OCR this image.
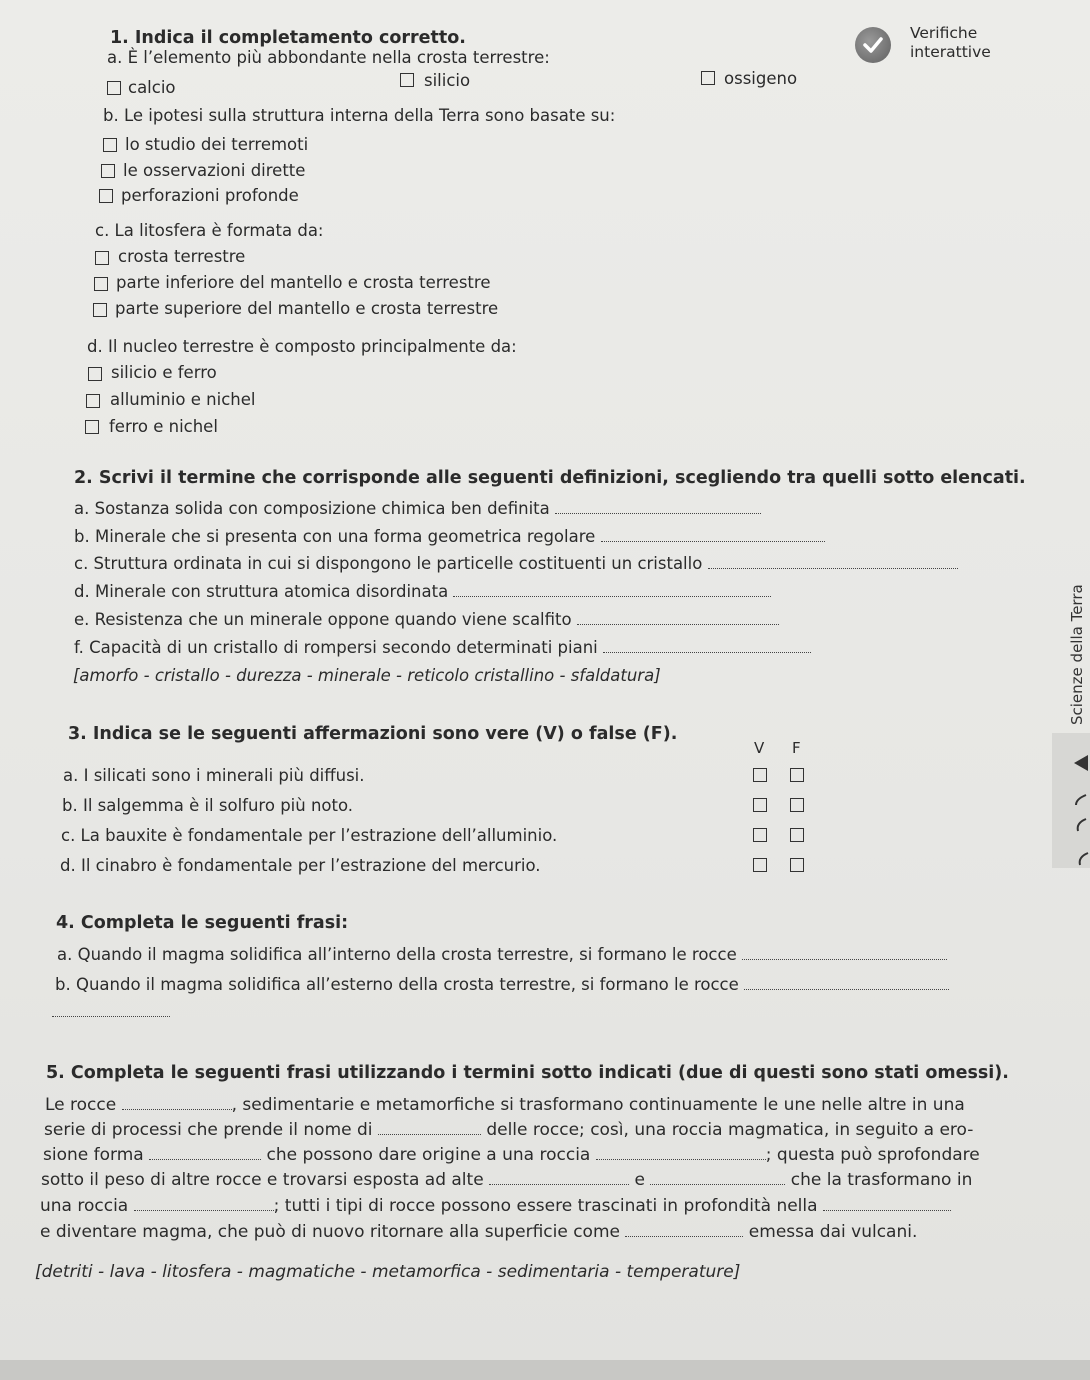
Verifiche
interattive
1. Indica il completamento corretto.
a. È l’elemento più abbondante nella crosta terrestre:
calcio	silicio	ossigeno
b. Le ipotesi sulla struttura interna della Terra sono basate su:
lo studio dei terremoti
le osservazioni dirette
perforazioni profonde
c. La litosfera è formata da:
crosta terrestre
parte inferiore del mantello e crosta terrestre
parte superiore del mantello e crosta terrestre
d. Il nucleo terrestre è composto principalmente da:
silicio e ferro
alluminio e nichel
ferro e nichel
2. Scrivi il termine che corrisponde alle seguenti definizioni, scegliendo tra quelli sotto elencati.
a. Sostanza solida con composizione chimica ben definita
b. Minerale che si presenta con una forma geometrica regolare
c. Struttura ordinata in cui si dispongono le particelle costituenti un cristallo
d. Minerale con struttura atomica disordinata
e. Resistenza che un minerale oppone quando viene scalfito
f. Capacità di un cristallo di rompersi secondo determinati piani
[amorfo - cristallo - durezza - minerale - reticolo cristallino - sfaldatura]
3. Indica se le seguenti affermazioni sono vere (V) o false (F).
V F
a. I silicati sono i minerali più diffusi.
b. Il salgemma è il solfuro più noto.
c. La bauxite è fondamentale per l’estrazione dell’alluminio.
d. Il cinabro è fondamentale per l’estrazione del mercurio.
4. Completa le seguenti frasi:
a. Quando il magma solidifica all’interno della crosta terrestre, si formano le rocce
b. Quando il magma solidifica all’esterno della crosta terrestre, si formano le rocce
5. Completa le seguenti frasi utilizzando i termini sotto indicati (due di questi sono stati omessi).
Le rocce	, sedimentarie e metamorfiche si trasformano continuamente le une nelle altre in una
serie di processi che prende il nome di	delle rocce; così, una roccia magmatica, in seguito a ero-
sione forma	che possono dare origine a una roccia	; questa può sprofondare
sotto il peso di altre rocce e trovarsi esposta ad alte	e	che la trasformano in
una roccia	; tutti i tipi di rocce possono essere trascinati in profondità nella
e diventare magma, che può di nuovo ritornare alla superficie come	emessa dai vulcani.
[detriti - lava - litosfera - magmatiche - metamorfica - sedimentaria - temperature]
Scienze della Terra
